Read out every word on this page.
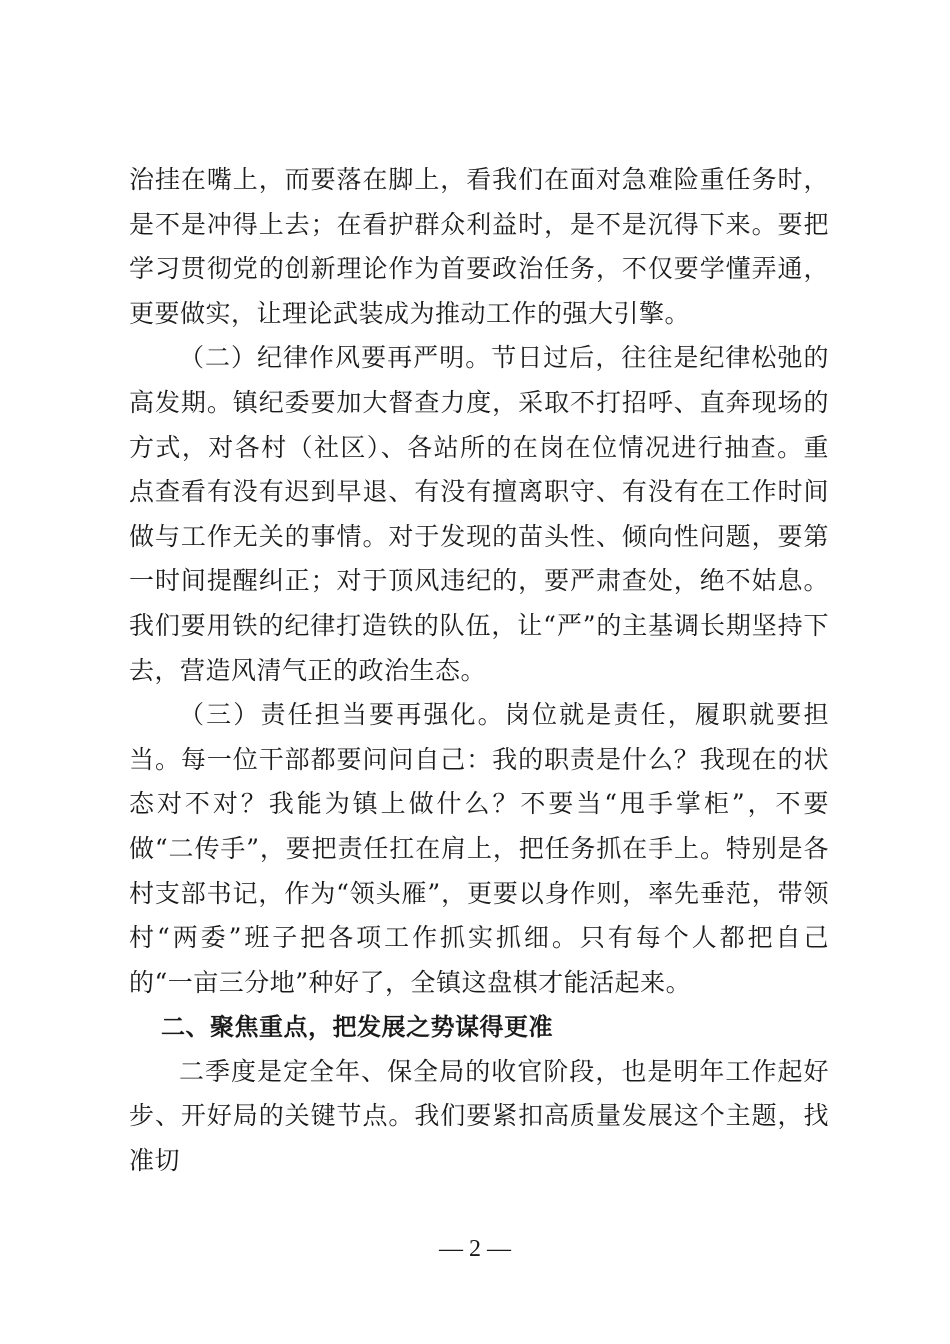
治挂在嘴上，而要落在脚上，看我们在面对急难险重任务时，是不是冲得上去；在看护群众利益时，是不是沉得下来。要把学习贯彻党的创新理论作为首要政治任务，不仅要学懂弄通，更要做实，让理论武装成为推动工作的强大引擎。

（二）纪律作风要再严明。节日过后，往往是纪律松弛的高发期。镇纪委要加大督查力度，采取不打招呼、直奔现场的方式，对各村（社区）、各站所的在岗在位情况进行抽查。重点查看有没有迟到早退、有没有擅离职守、有没有在工作时间做与工作无关的事情。对于发现的苗头性、倾向性问题，要第一时间提醒纠正；对于顶风违纪的，要严肃查处，绝不姑息。我们要用铁的纪律打造铁的队伍，让“严”的主基调长期坚持下去，营造风清气正的政治生态。

（三）责任担当要再强化。岗位就是责任，履职就要担当。每一位干部都要问问自己：我的职责是什么？我现在的状态对不对？我能为镇上做什么？不要当“甩手掌柜”，不要做“二传手”，要把责任扛在肩上，把任务抓在手上。特别是各村支部书记，作为“领头雁”，更要以身作则，率先垂范，带领村“两委”班子把各项工作抓实抓细。只有每个人都把自己的“一亩三分地”种好了，全镇这盘棋才能活起来。

二、聚焦重点，把发展之势谋得更准

二季度是定全年、保全局的收官阶段，也是明年工作起好步、开好局的关键节点。我们要紧扣高质量发展这个主题，找准切

— 2 —
